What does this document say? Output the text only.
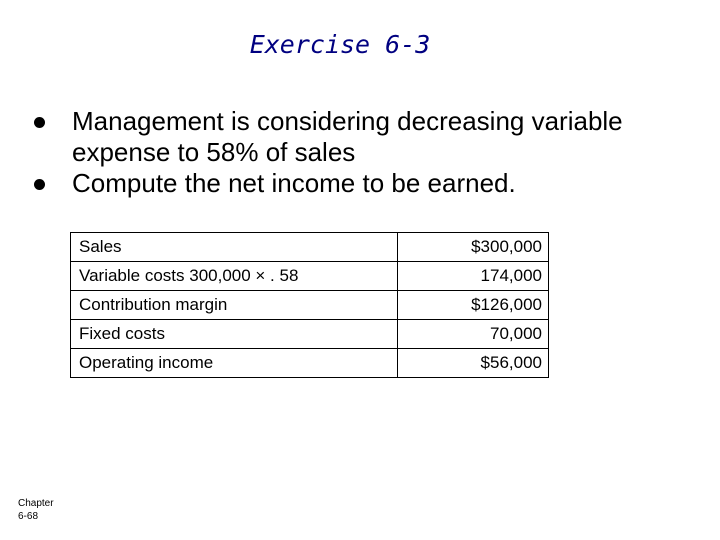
Exercise 6-3
Management is considering decreasing variable expense to 58% of sales
Compute the net income to be earned.
Sales	$300,000
Variable costs 300,000 × . 58	174,000
Contribution margin	$126,000
Fixed costs	70,000
Operating income	$56,000
Chapter
6-68
